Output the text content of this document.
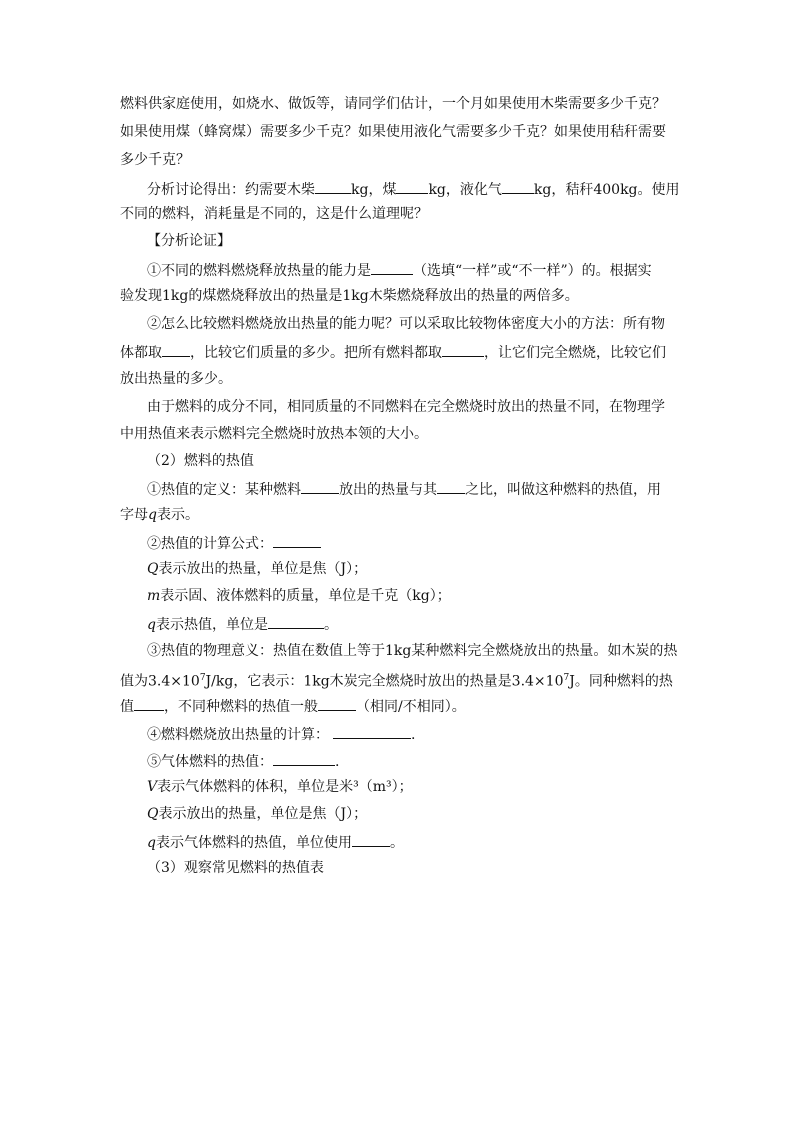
燃料供家庭使用，如烧水、做饭等，请同学们估计，一个月如果使用木柴需要多少千克？
如果使用煤（蜂窝煤）需要多少千克？如果使用液化气需要多少千克？如果使用秸秆需要
多少千克？
分析讨论得出：约需要木柴	kg，煤 kg，液化气 kg，秸秆400kg。使用
不同的燃料，消耗量是不同的，这是什么道理呢？
【分析论证】
①不同的燃料燃烧释放热量的能力是	（选填“一样”或“不一样”）的。根据实
验发现1kg的煤燃烧释放出的热量是1kg木柴燃烧释放出的热量的两倍多。
②怎么比较燃料燃烧放出热量的能力呢？可以采取比较物体密度大小的方法：所有物
体都取 ，比较它们质量的多少。把所有燃料都取	，让它们完全燃烧，比较它们
放出热量的多少。
由于燃料的成分不同，相同质量的不同燃料在完全燃烧时放出的热量不同，在物理学
中用热值来表示燃料完全燃烧时放热本领的大小。
（2）燃料的热值
①热值的定义：某种燃料	放出的热量与其 之比，叫做这种燃料的热值，用
字母q表示。
②热值的计算公式：
Q表示放出的热量，单位是焦（J）；
m表示固、液体燃料的质量，单位是千克（kg）；
q表示热值，单位是	。
③热值的物理意义：热值在数值上等于1kg某种燃料完全燃烧放出的热量。如木炭的热
值为$3.4\times 10^7J/kg$，它表示：1kg木炭完全燃烧时放出的热量是$3.4\times 10^7J$。同种燃料的热
值 ，不同种燃料的热值一般	（相同/不相同）。
④燃料燃烧放出热量的计算：	.
⑤气体燃料的热值：	.
V表示气体燃料的体积，单位是米³（m³）；
Q表示放出的热量，单位是焦（J）；
q表示气体燃料的热值，单位使用	。
（3）观察常见燃料的热值表
